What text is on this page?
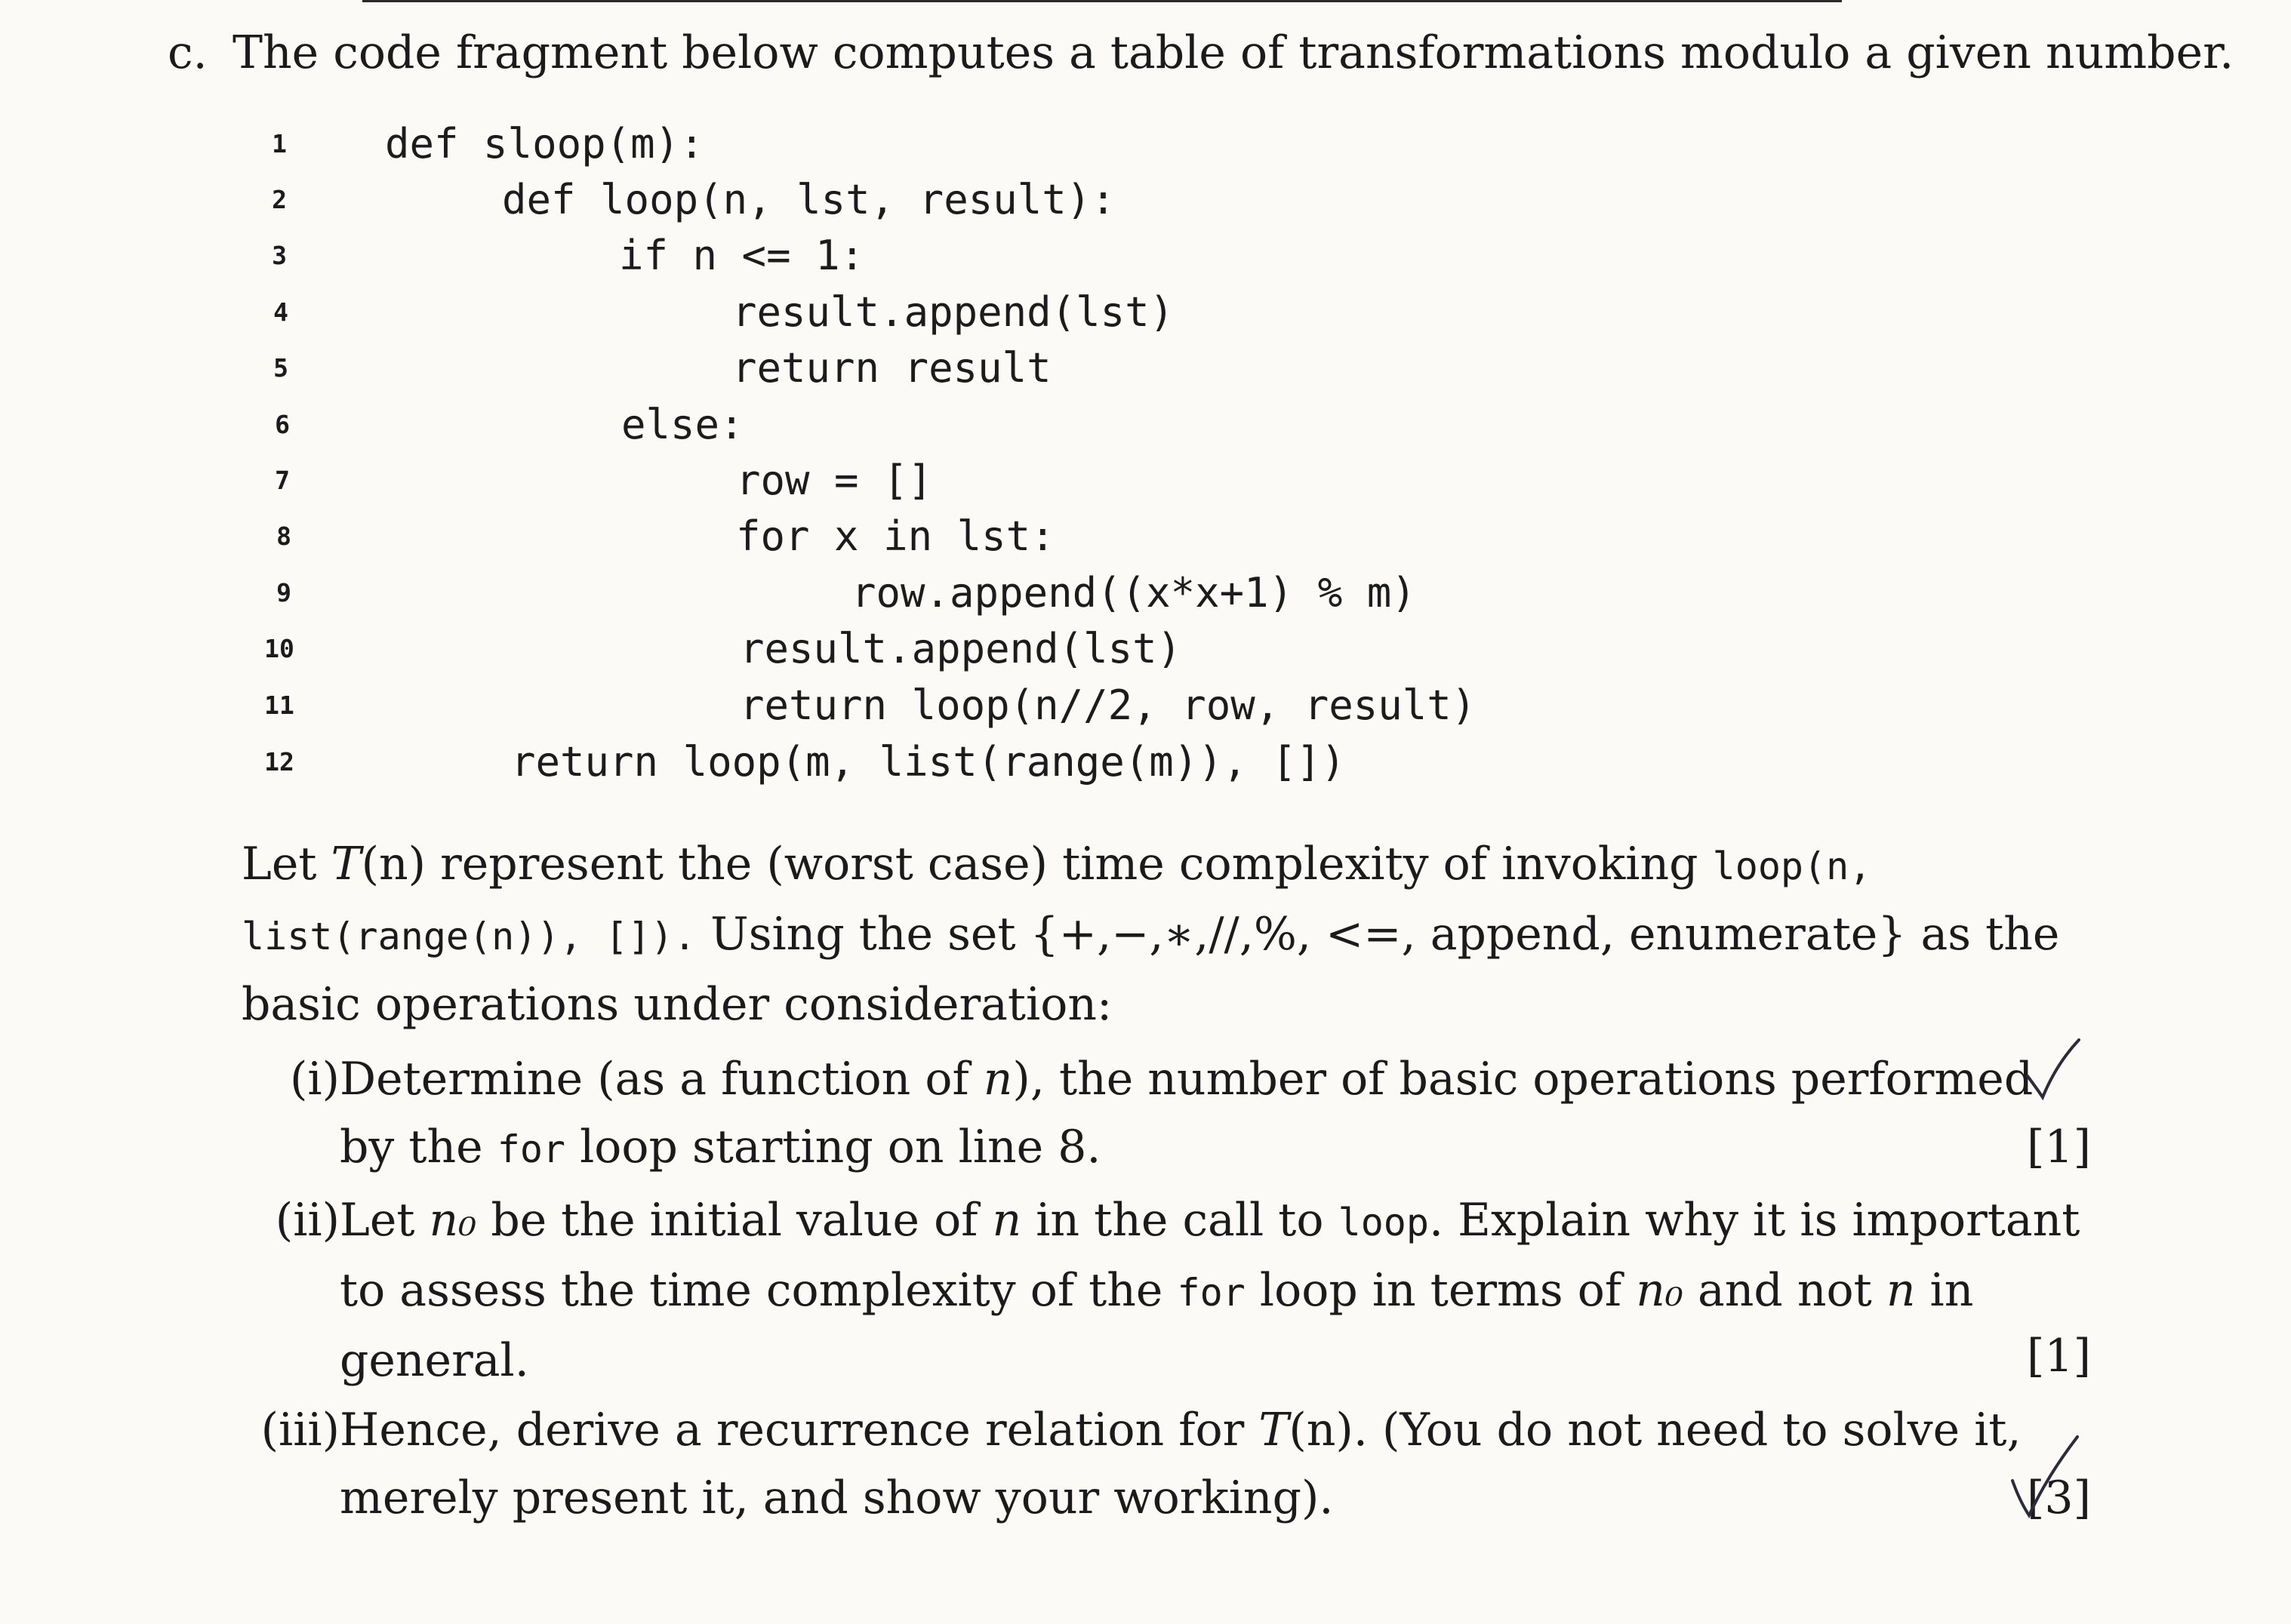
c. The code fragment below computes a table of transformations modulo a given number.
1	def sloop(m):
2	def loop(n, lst, result):
3	if n <= 1:
4	result.append(lst)
5	return result
6	else:
7	row = []
8	for x in lst:
9	row.append((x*x+1) % m)
10	result.append(lst)
11	return loop(n//2, row, result)
12	return loop(m, list(range(m)), [])
Let T(n) represent the (worst case) time complexity of invoking loop(n, list(range(n)), []). Using the set {+,−,∗,//,%, <=, append, enumerate} as the basic operations under consideration:
(i) Determine (as a function of n), the number of basic operations performed by the for loop starting on line 8.	[1]
(ii) Let n₀ be the initial value of n in the call to loop. Explain why it is important to assess the time complexity of the for loop in terms of n₀ and not n in general.	[1]
(iii) Hence, derive a recurrence relation for T(n). (You do not need to solve it, merely present it, and show your working).	[3]
